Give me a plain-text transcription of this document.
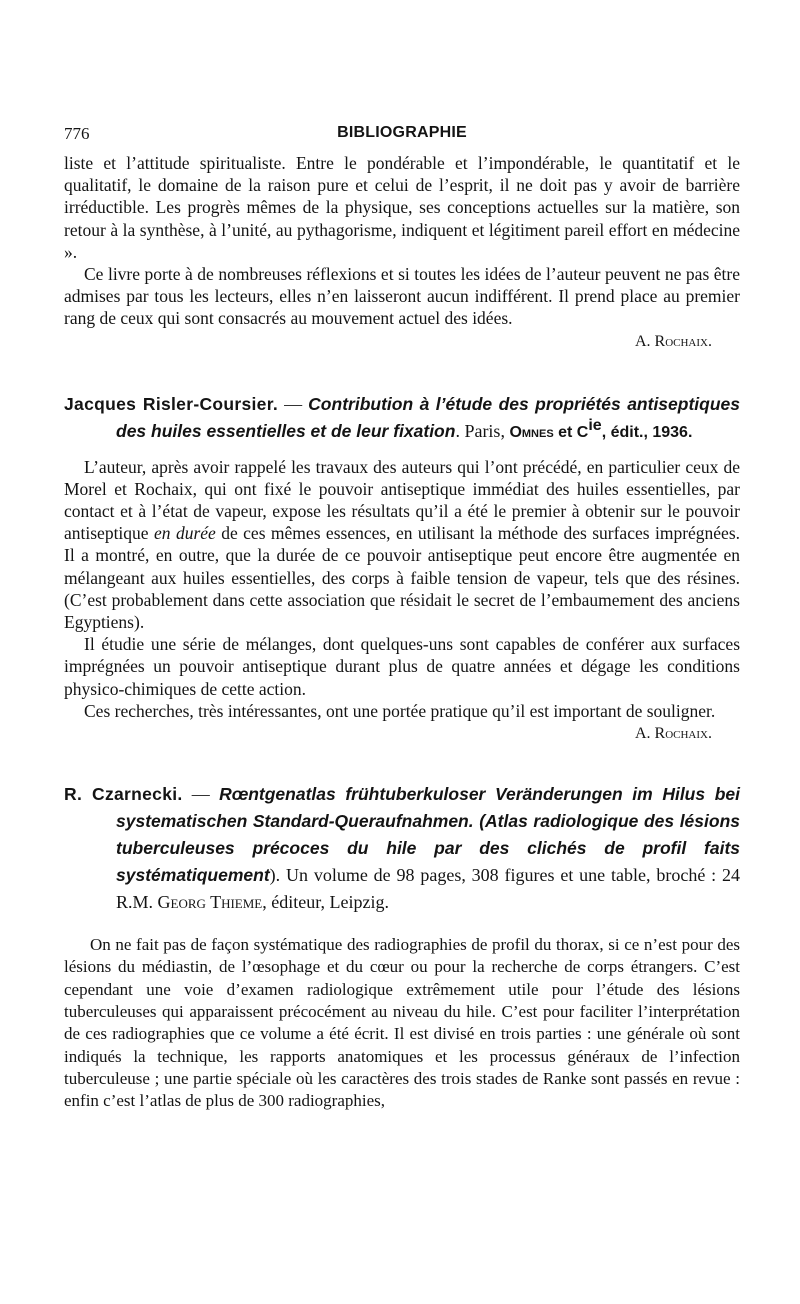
776	BIBLIOGRAPHIE

liste et l’attitude spiritualiste. Entre le pondérable et l’impondérable, le quantitatif et le qualitatif, le domaine de la raison pure et celui de l’esprit, il ne doit pas y avoir de barrière irréductible. Les progrès mêmes de la physique, ses conceptions actuelles sur la matière, son retour à la synthèse, à l’unité, au pythagorisme, indiquent et légitiment pareil effort en médecine ».

Ce livre porte à de nombreuses réflexions et si toutes les idées de l’auteur peuvent ne pas être admises par tous les lecteurs, elles n’en laisseront aucun indifférent. Il prend place au premier rang de ceux qui sont consacrés au mouvement actuel des idées.

A. Rochaix.

Jacques Risler-Coursier. — Contribution à l’étude des propriétés antiseptiques des huiles essentielles et de leur fixation. Paris, Omnes et $C^{ie}$, édit., 1936.

L’auteur, après avoir rappelé les travaux des auteurs qui l’ont précédé, en particulier ceux de Morel et Rochaix, qui ont fixé le pouvoir antiseptique immédiat des huiles essentielles, par contact et à l’état de vapeur, expose les résultats qu’il a été le premier à obtenir sur le pouvoir antiseptique en durée de ces mêmes essences, en utilisant la méthode des surfaces imprégnées. Il a montré, en outre, que la durée de ce pouvoir antiseptique peut encore être augmentée en mélangeant aux huiles essentielles, des corps à faible tension de vapeur, tels que des résines. (C’est probablement dans cette association que résidait le secret de l’embaumement des anciens Egyptiens).

Il étudie une série de mélanges, dont quelques-uns sont capables de conférer aux surfaces imprégnées un pouvoir antiseptique durant plus de quatre années et dégage les conditions physico-chimiques de cette action.

Ces recherches, très intéressantes, ont une portée pratique qu’il est important de souligner.

A. Rochaix.

R. Czarnecki. — Rœntgenatlas frühtuberkuloser Veränderungen im Hilus bei systematischen Standard-Queraufnahmen. (Atlas radiologique des lésions tuberculeuses précoces du hile par des clichés de profil faits systématiquement). Un volume de 98 pages, 308 figures et une table, broché : 24 R.M. Georg Thieme, éditeur, Leipzig.

On ne fait pas de façon systématique des radiographies de profil du thorax, si ce n’est pour des lésions du médiastin, de l’œsophage et du cœur ou pour la recherche de corps étrangers. C’est cependant une voie d’examen radiologique extrêmement utile pour l’étude des lésions tuberculeuses qui apparaissent précocément au niveau du hile. C’est pour faciliter l’interprétation de ces radiographies que ce volume a été écrit. Il est divisé en trois parties : une générale où sont indiqués la technique, les rapports anatomiques et les processus généraux de l’infection tuberculeuse ; une partie spéciale où les caractères des trois stades de Ranke sont passés en revue : enfin c’est l’atlas de plus de 300 radiographies,
